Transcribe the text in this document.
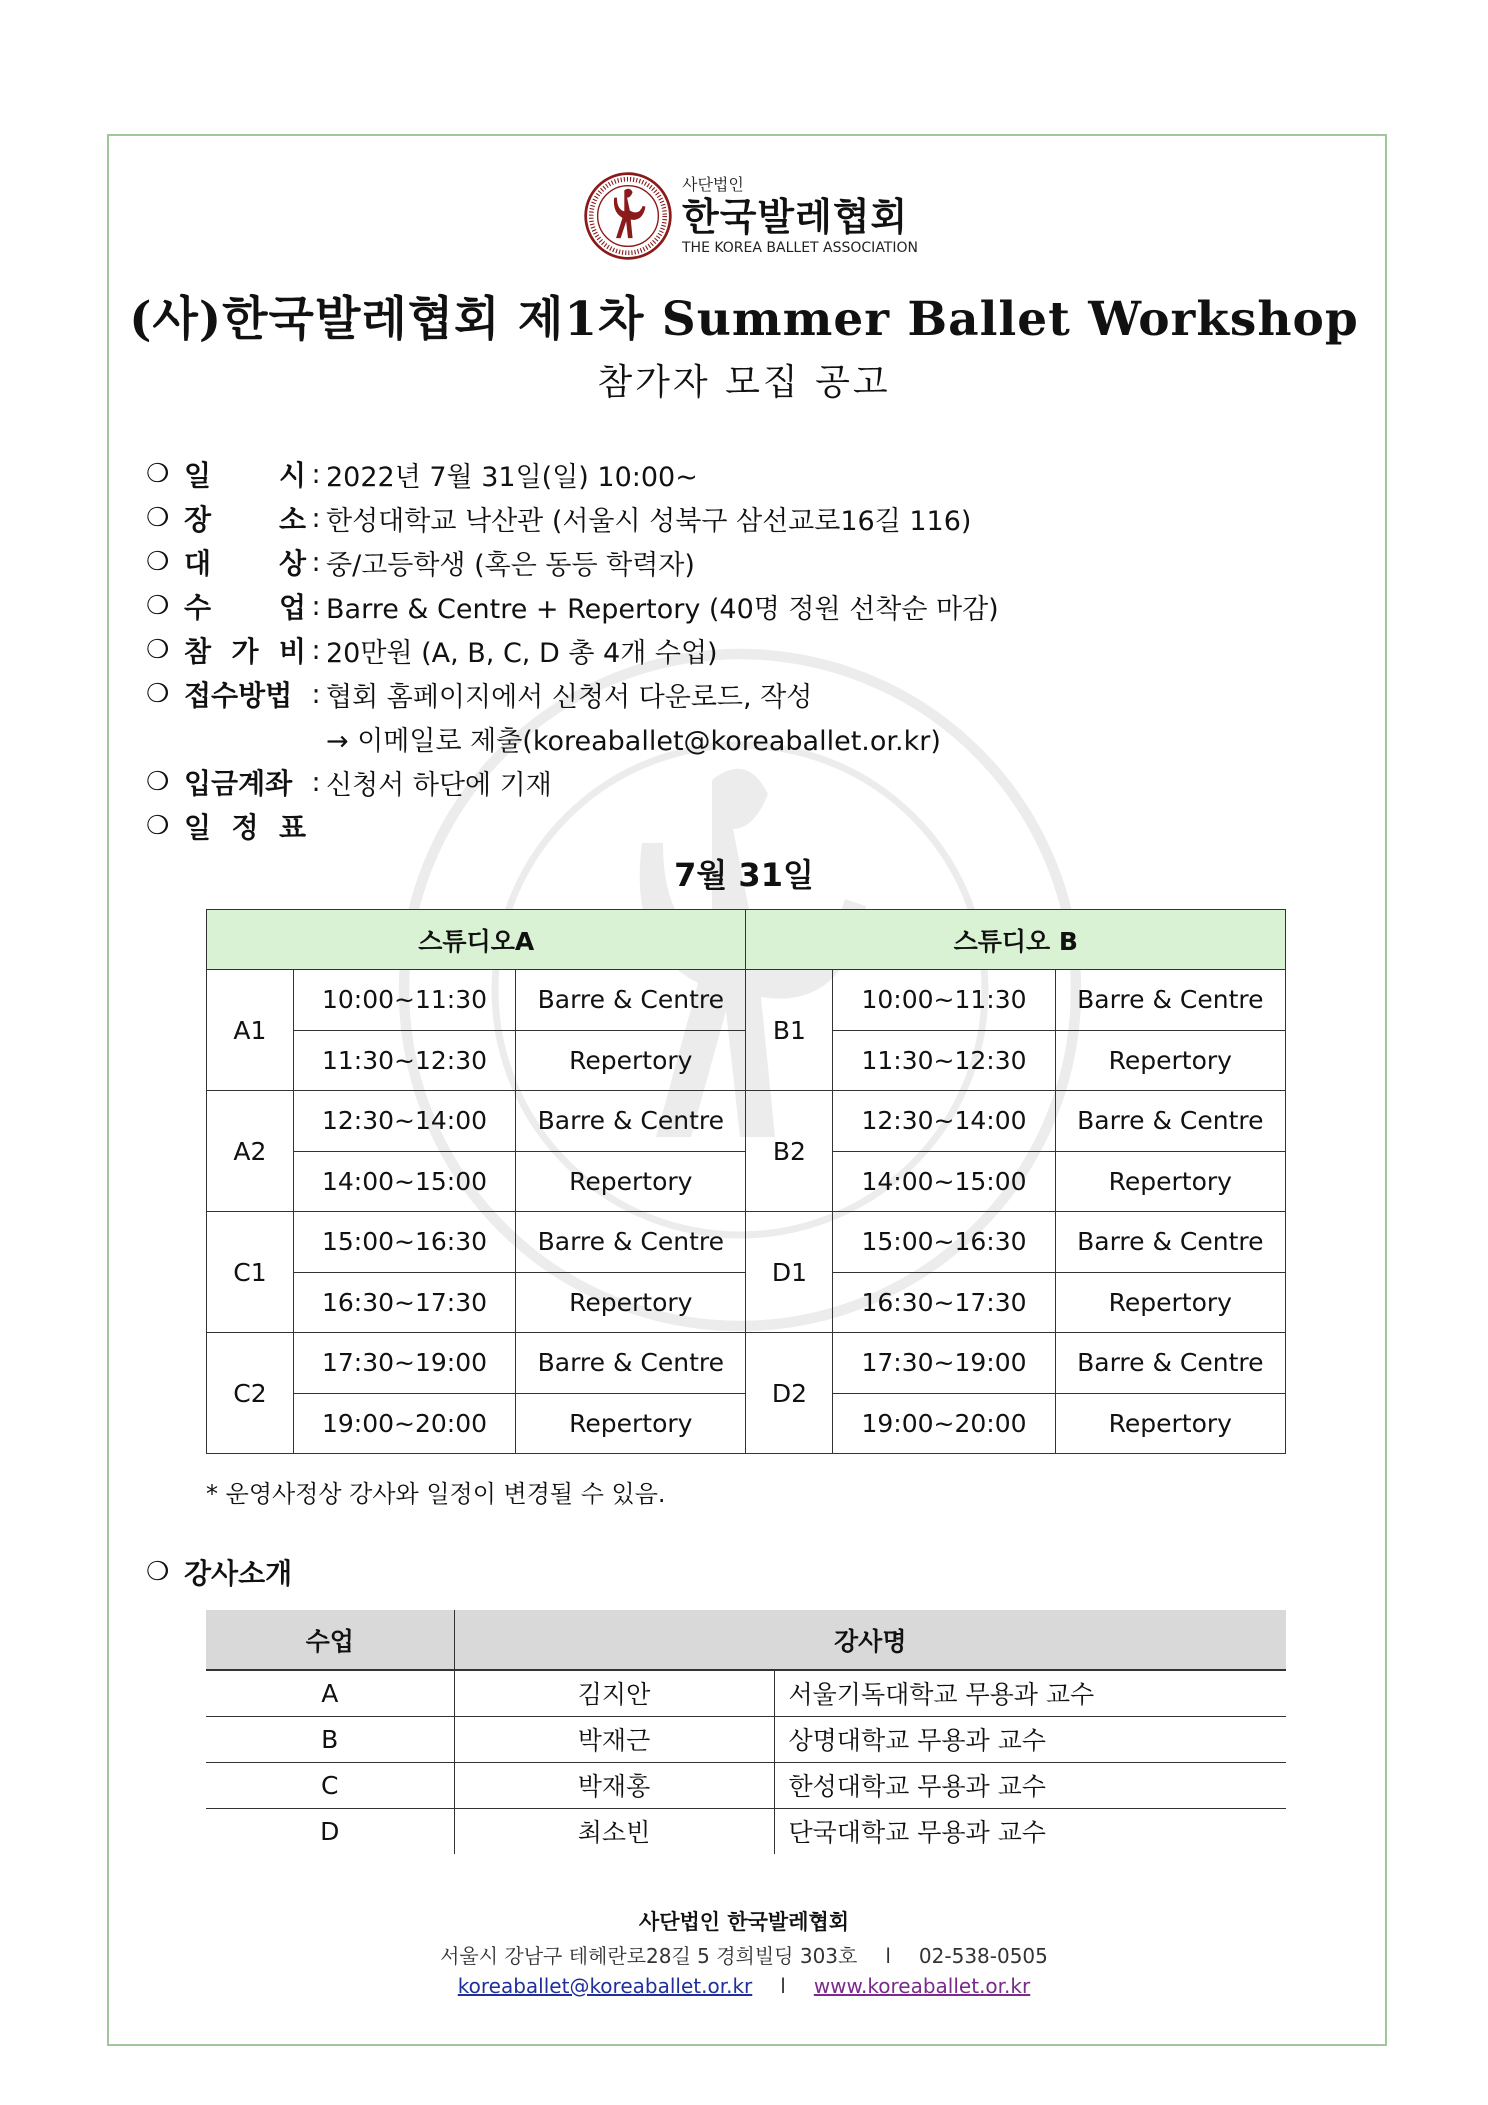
사단법인
한국발레협회
THE KOREA BALLET ASSOCIATION
(사)한국발레협회 제1차 Summer Ballet Workshop
참가자 모집 공고
❍ 일 시 : 2022년 7월 31일(일) 10:00~
❍ 장 소 : 한성대학교 낙산관 (서울시 성북구 삼선교로16길 116)
❍ 대 상 : 중/고등학생 (혹은 동등 학력자)
❍ 수 업 : Barre & Centre + Repertory (40명 정원 선착순 마감)
❍ 참 가 비 : 20만원 (A, B, C, D 총 4개 수업)
❍ 접수방법 : 협회 홈페이지에서 신청서 다운로드, 작성
→ 이메일로 제출(koreaballet@koreaballet.or.kr)
❍ 입금계좌 : 신청서 하단에 기재
❍ 일 정 표
7월 31일
스튜디오A			스튜디오 B		
A1	10:00~11:30	Barre & Centre	B1	10:00~11:30	Barre & Centre
	11:30~12:30	Repertory		11:30~12:30	Repertory
A2	12:30~14:00	Barre & Centre	B2	12:30~14:00	Barre & Centre
	14:00~15:00	Repertory		14:00~15:00	Repertory
C1	15:00~16:30	Barre & Centre	D1	15:00~16:30	Barre & Centre
	16:30~17:30	Repertory		16:30~17:30	Repertory
C2	17:30~19:00	Barre & Centre	D2	17:30~19:00	Barre & Centre
	19:00~20:00	Repertory		19:00~20:00	Repertory
* 운영사정상 강사와 일정이 변경될 수 있음.
❍ 강사소개
수업	강사명	
A	김지안	서울기독대학교 무용과 교수
B	박재근	상명대학교 무용과 교수
C	박재홍	한성대학교 무용과 교수
D	최소빈	단국대학교 무용과 교수
사단법인 한국발레협회
서울시 강남구 테헤란로28길 5 경희빌딩 303호 l 02-538-0505
koreaballet@koreaballet.or.kr l www.koreaballet.or.kr
